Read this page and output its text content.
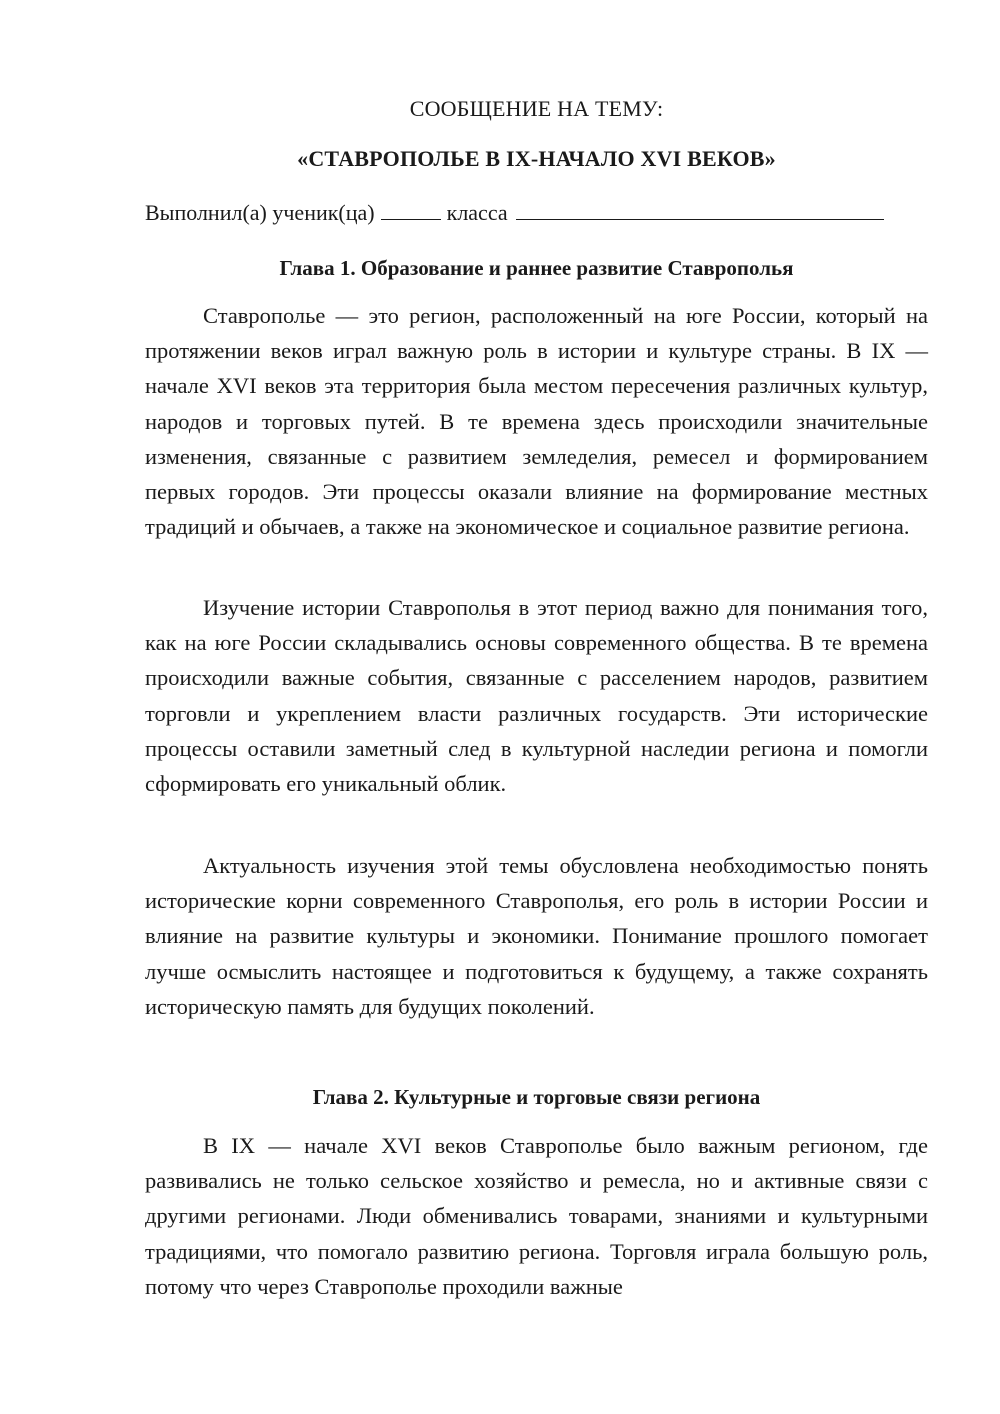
СООБЩЕНИЕ НА ТЕМУ:
«СТАВРОПОЛЬЕ В IX-НАЧАЛО XVI ВЕКОВ»
Выполнил(а) ученик(ца)	класса
Глава 1. Образование и раннее развитие Ставрополья

Ставрополье — это регион, расположенный на юге России, который на протяжении веков играл важную роль в истории и культуре страны. В IX — начале XVI веков эта территория была местом пересечения различных культур, народов и торговых путей. В те времена здесь происходили значительные изменения, связанные с развитием земледелия, ремесел и формированием первых городов. Эти процессы оказали влияние на формирование местных традиций и обычаев, а также на экономическое и социальное развитие региона.

Изучение истории Ставрополья в этот период важно для понимания того, как на юге России складывались основы современного общества. В те времена происходили важные события, связанные с расселением народов, развитием торговли и укреплением власти различных государств. Эти исторические процессы оставили заметный след в культурной наследии региона и помогли сформировать его уникальный облик.

Актуальность изучения этой темы обусловлена необходимостью понять исторические корни современного Ставрополья, его роль в истории России и влияние на развитие культуры и экономики. Понимание прошлого помогает лучше осмыслить настоящее и подготовиться к будущему, а также сохранять историческую память для будущих поколений.

Глава 2. Культурные и торговые связи региона

В IX — начале XVI веков Ставрополье было важным регионом, где развивались не только сельское хозяйство и ремесла, но и активные связи с другими регионами. Люди обменивались товарами, знаниями и культурными традициями, что помогало развитию региона. Торговля играла большую роль, потому что через Ставрополье проходили важные
